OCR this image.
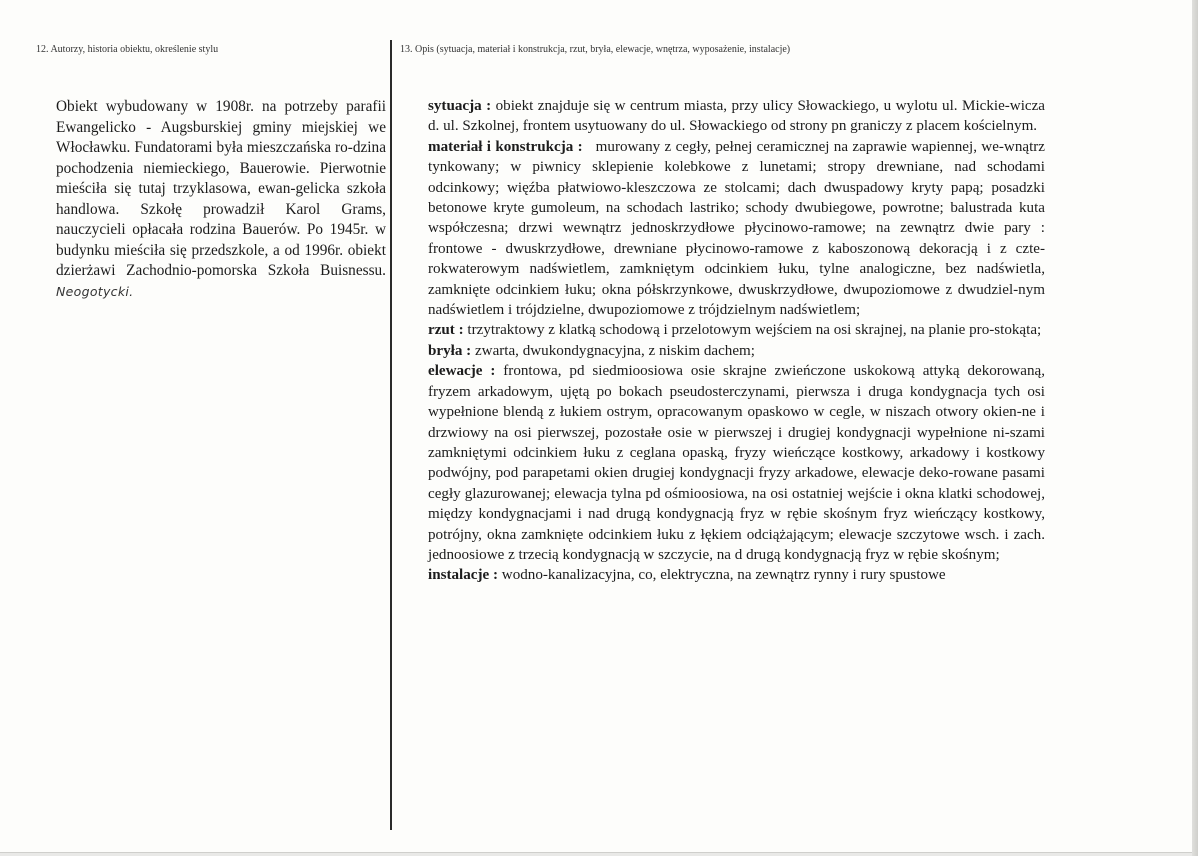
12. Autorzy, historia obiektu, określenie stylu	13. Opis (sytuacja, materiał i konstrukcja, rzut, bryła, elewacje, wnętrza, wyposażenie, instalacje)
Obiekt wybudowany w 1908r. na potrzeby parafii Ewangelicko - Augsburskiej gminy miejskiej we Włocławku. Fundatorami była mieszczańska ro-dzina pochodzenia niemieckiego, Bauerowie. Pierwotnie mieściła się tutaj trzyklasowa, ewan-gelicka szkoła handlowa. Szkołę prowadził Karol Grams, nauczycieli opłacała rodzina Bauerów. Po 1945r. w budynku mieściła się przedszkole, a od 1996r. obiekt dzierżawi Zachodnio-pomorska Szkoła Buisnessu. Neogotycki.

sytuacja : obiekt znajduje się w centrum miasta, przy ulicy Słowackiego, u wylotu ul. Mickie-wicza d. ul. Szkolnej, frontem usytuowany do ul. Słowackiego od strony pn graniczy z placem kościelnym.

materiał i konstrukcja : murowany z cegły, pełnej ceramicznej na zaprawie wapiennej, we-wnątrz tynkowany; w piwnicy sklepienie kolebkowe z lunetami; stropy drewniane, nad schodami odcinkowy; więźba płatwiowo-kleszczowa ze stolcami; dach dwuspadowy kryty papą; posadzki betonowe kryte gumoleum, na schodach lastriko; schody dwubiegowe, powrotne; balustrada kuta współczesna; drzwi wewnątrz jednoskrzydłowe płycinowo-ramowe; na zewnątrz dwie pary : frontowe - dwuskrzydłowe, drewniane płycinowo-ramowe z kaboszonową dekoracją i z czte-rokwaterowym nadświetlem, zamkniętym odcinkiem łuku, tylne analogiczne, bez nadświetla, zamknięte odcinkiem łuku; okna półskrzynkowe, dwuskrzydłowe, dwupoziomowe z dwudziel-nym nadświetlem i trójdzielne, dwupoziomowe z trójdzielnym nadświetlem;

rzut : trzytraktowy z klatką schodową i przelotowym wejściem na osi skrajnej, na planie pro-stokąta;

bryła : zwarta, dwukondygnacyjna, z niskim dachem;

elewacje : frontowa, pd siedmioosiowa osie skrajne zwieńczone uskokową attyką dekorowaną, fryzem arkadowym, ujętą po bokach pseudosterczynami, pierwsza i druga kondygnacja tych osi wypełnione blendą z łukiem ostrym, opracowanym opaskowo w cegle, w niszach otwory okien-ne i drzwiowy na osi pierwszej, pozostałe osie w pierwszej i drugiej kondygnacji wypełnione ni-szami zamkniętymi odcinkiem łuku z ceglana opaską, fryzy wieńczące kostkowy, arkadowy i kostkowy podwójny, pod parapetami okien drugiej kondygnacji fryzy arkadowe, elewacje deko-rowane pasami cegły glazurowanej; elewacja tylna pd ośmioosiowa, na osi ostatniej wejście i okna klatki schodowej, między kondygnacjami i nad drugą kondygnacją fryz w rębie skośnym fryz wieńczący kostkowy, potrójny, okna zamknięte odcinkiem łuku z łękiem odciążającym; elewacje szczytowe wsch. i zach. jednoosiowe z trzecią kondygnacją w szczycie, na d drugą kondygnacją fryz w rębie skośnym;

instalacje : wodno-kanalizacyjna, co, elektryczna, na zewnątrz rynny i rury spustowe
